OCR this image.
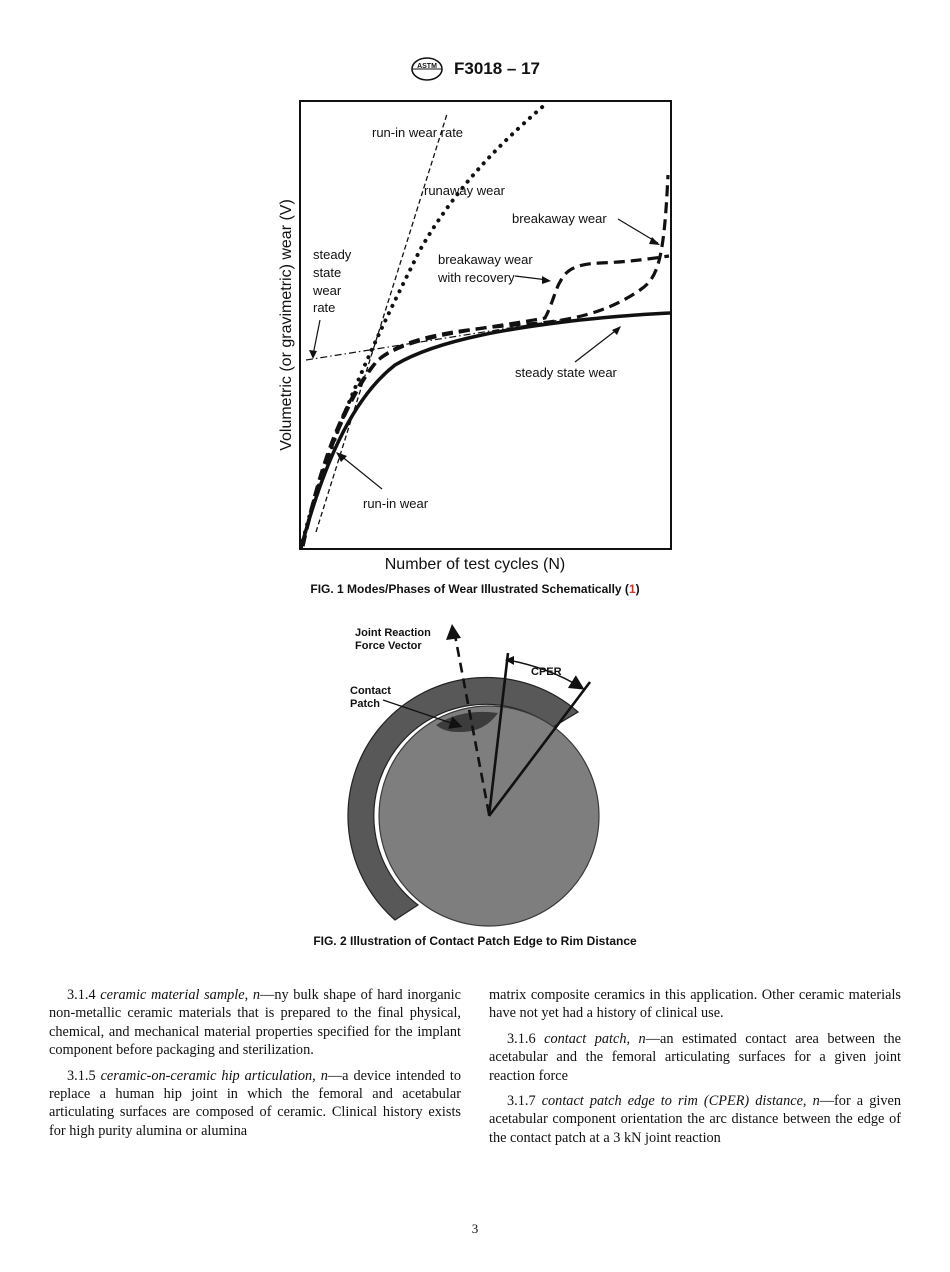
ASTM F3018 – 17
run-in wear rate
runaway wear
breakaway wear
steady
state
wear
rate
breakaway wear
with recovery
steady state wear
run-in wear
Number of test cycles (N)
Volumetric (or gravimetric) wear (V)
FIG. 1 Modes/Phases of Wear Illustrated Schematically (1)
Joint Reaction
Force Vector
Contact
Patch
CPER
FIG. 2 Illustration of Contact Patch Edge to Rim Distance

3.1.4 ceramic material sample, n—ny bulk shape of hard inorganic non-metallic ceramic materials that is prepared to the final physical, chemical, and mechanical material properties specified for the implant component before packaging and sterilization.

3.1.5 ceramic-on-ceramic hip articulation, n—a device intended to replace a human hip joint in which the femoral and acetabular articulating surfaces are composed of ceramic. Clinical history exists for high purity alumina or alumina

matrix composite ceramics in this application. Other ceramic materials have not yet had a history of clinical use.

3.1.6 contact patch, n—an estimated contact area between the acetabular and the femoral articulating surfaces for a given joint reaction force

3.1.7 contact patch edge to rim (CPER) distance, n—for a given acetabular component orientation the arc distance between the edge of the contact patch at a 3 kN joint reaction

3
